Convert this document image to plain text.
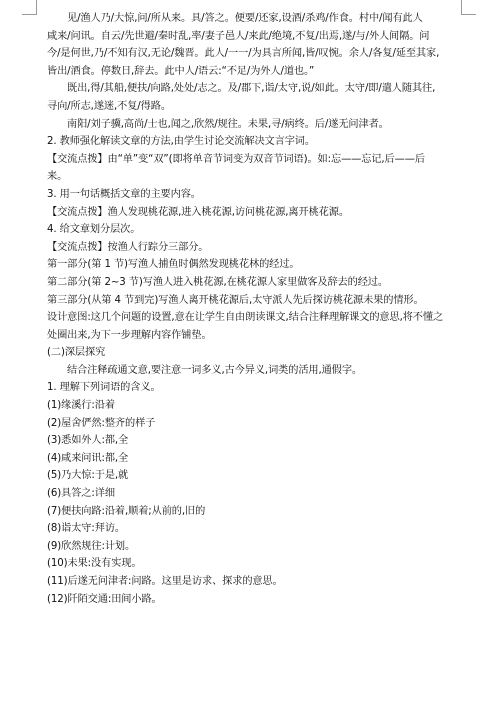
见/渔人乃/大惊,问/所从来。具/答之。便要/还家,设酒/杀鸡/作食。村中/闻有此人
咸来/问讯。自云/先世避/秦时乱,率/妻子邑人/来此/绝境,不复/出焉,遂/与/外人间隔。问
今/是何世,乃/不知有汉,无论/魏晋。此人/一一/为具言所闻,皆/叹惋。余人/各复/延至其家,
皆出/酒食。停数日,辞去。此中人/语云:“不足/为外人/道也。”
既出,得/其船,便扶/向路,处处/志之。及/郡下,诣/太守,说/如此。太守/即/遣人随其往,
寻向/所志,遂迷,不复/得路。
南阳/刘子骥,高尚/士也,闻之,欣然/规往。未果,寻/病终。后/遂无问津者。
2. 教师强化解读文章的方法,由学生讨论交流解决文言字词。
【交流点拨】由“单”变“双”(即将单音节词变为双音节词语)。如:忘——忘记,后——后
来。
3. 用一句话概括文章的主要内容。
【交流点拨】渔人发现桃花源,进入桃花源,访问桃花源,离开桃花源。
4. 给文章划分层次。
【交流点拨】按渔人行踪分三部分。
第一部分(第 1 节)写渔人捕鱼时偶然发现桃花林的经过。
第二部分(第 2~3 节)写渔人进入桃花源,在桃花源人家里做客及辞去的经过。
第三部分(从第 4 节到完)写渔人离开桃花源后,太守派人先后探访桃花源未果的情形。
设计意图:这几个问题的设置,意在让学生自由朗读课文,结合注释理解课文的意思,将不懂之
处圈出来,为下一步理解内容作铺垫。
(二)深层探究
结合注释疏通文意,要注意一词多义,古今异义,词类的活用,通假字。
1. 理解下列词语的含义。
(1)缘溪行:沿着
(2)屋舍俨然:整齐的样子
(3)悉如外人:都,全
(4)咸来问讯:都,全
(5)乃大惊:于是,就
(6)具答之:详细
(7)便扶向路:沿着,顺着;从前的,旧的
(8)诣太守:拜访。
(9)欣然规往:计划。
(10)未果:没有实现。
(11)后遂无问津者:问路。这里是访求、探求的意思。
(12)阡陌交通:田间小路。
